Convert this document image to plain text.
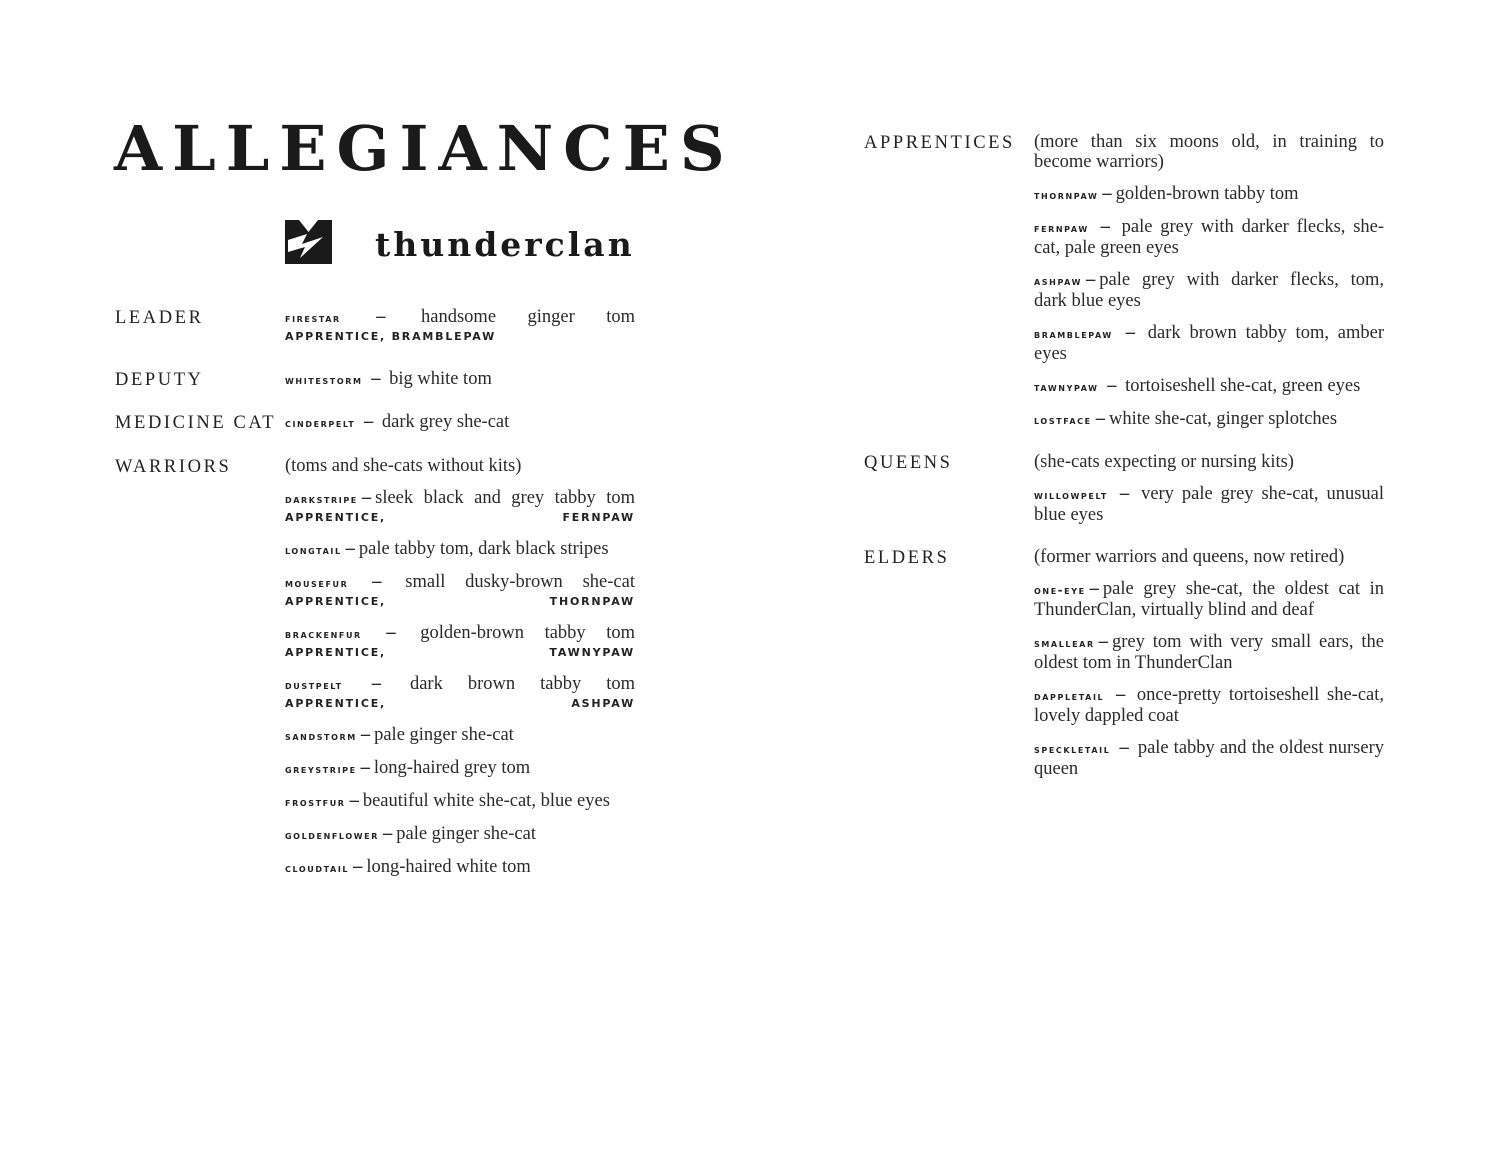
ALLEGIANCES
thunderclan
LEADER	firestar – handsome ginger tom
APPRENTICE, BRAMBLEPAW
DEPUTY	whitestorm – big white tom
MEDICINE CAT cinderpelt – dark grey she-cat
WARRIORS	(toms and she-cats without kits)
darkstripe – sleek black and grey tabby tom
APPRENTICE, FERNPAW
longtail – pale tabby tom, dark black stripes
mousefur – small dusky-brown she-cat
APPRENTICE, THORNPAW
brackenfur – golden-brown tabby tom
APPRENTICE, TAWNYPAW
dustpelt – dark brown tabby tom
APPRENTICE, ASHPAW
sandstorm – pale ginger she-cat
greystripe – long-haired grey tom
frostfur – beautiful white she-cat, blue eyes
goldenflower – pale ginger she-cat
cloudtail – long-haired white tom
APPRENTICES	(more than six moons old, in training to become warriors)
thornpaw – golden-brown tabby tom
fernpaw – pale grey with darker flecks, she-cat, pale green eyes
ashpaw – pale grey with darker flecks, tom, dark blue eyes
bramblepaw – dark brown tabby tom, amber eyes
tawnypaw – tortoiseshell she-cat, green eyes
lostface – white she-cat, ginger splotches
QUEENS	(she-cats expecting or nursing kits)
willowpelt – very pale grey she-cat, unusual blue eyes
ELDERS	(former warriors and queens, now retired)
one-eye – pale grey she-cat, the oldest cat in ThunderClan, virtually blind and deaf
smallear – grey tom with very small ears, the oldest tom in ThunderClan
dappletail – once-pretty tortoiseshell she-cat, lovely dappled coat
speckletail – pale tabby and the oldest nursery queen
